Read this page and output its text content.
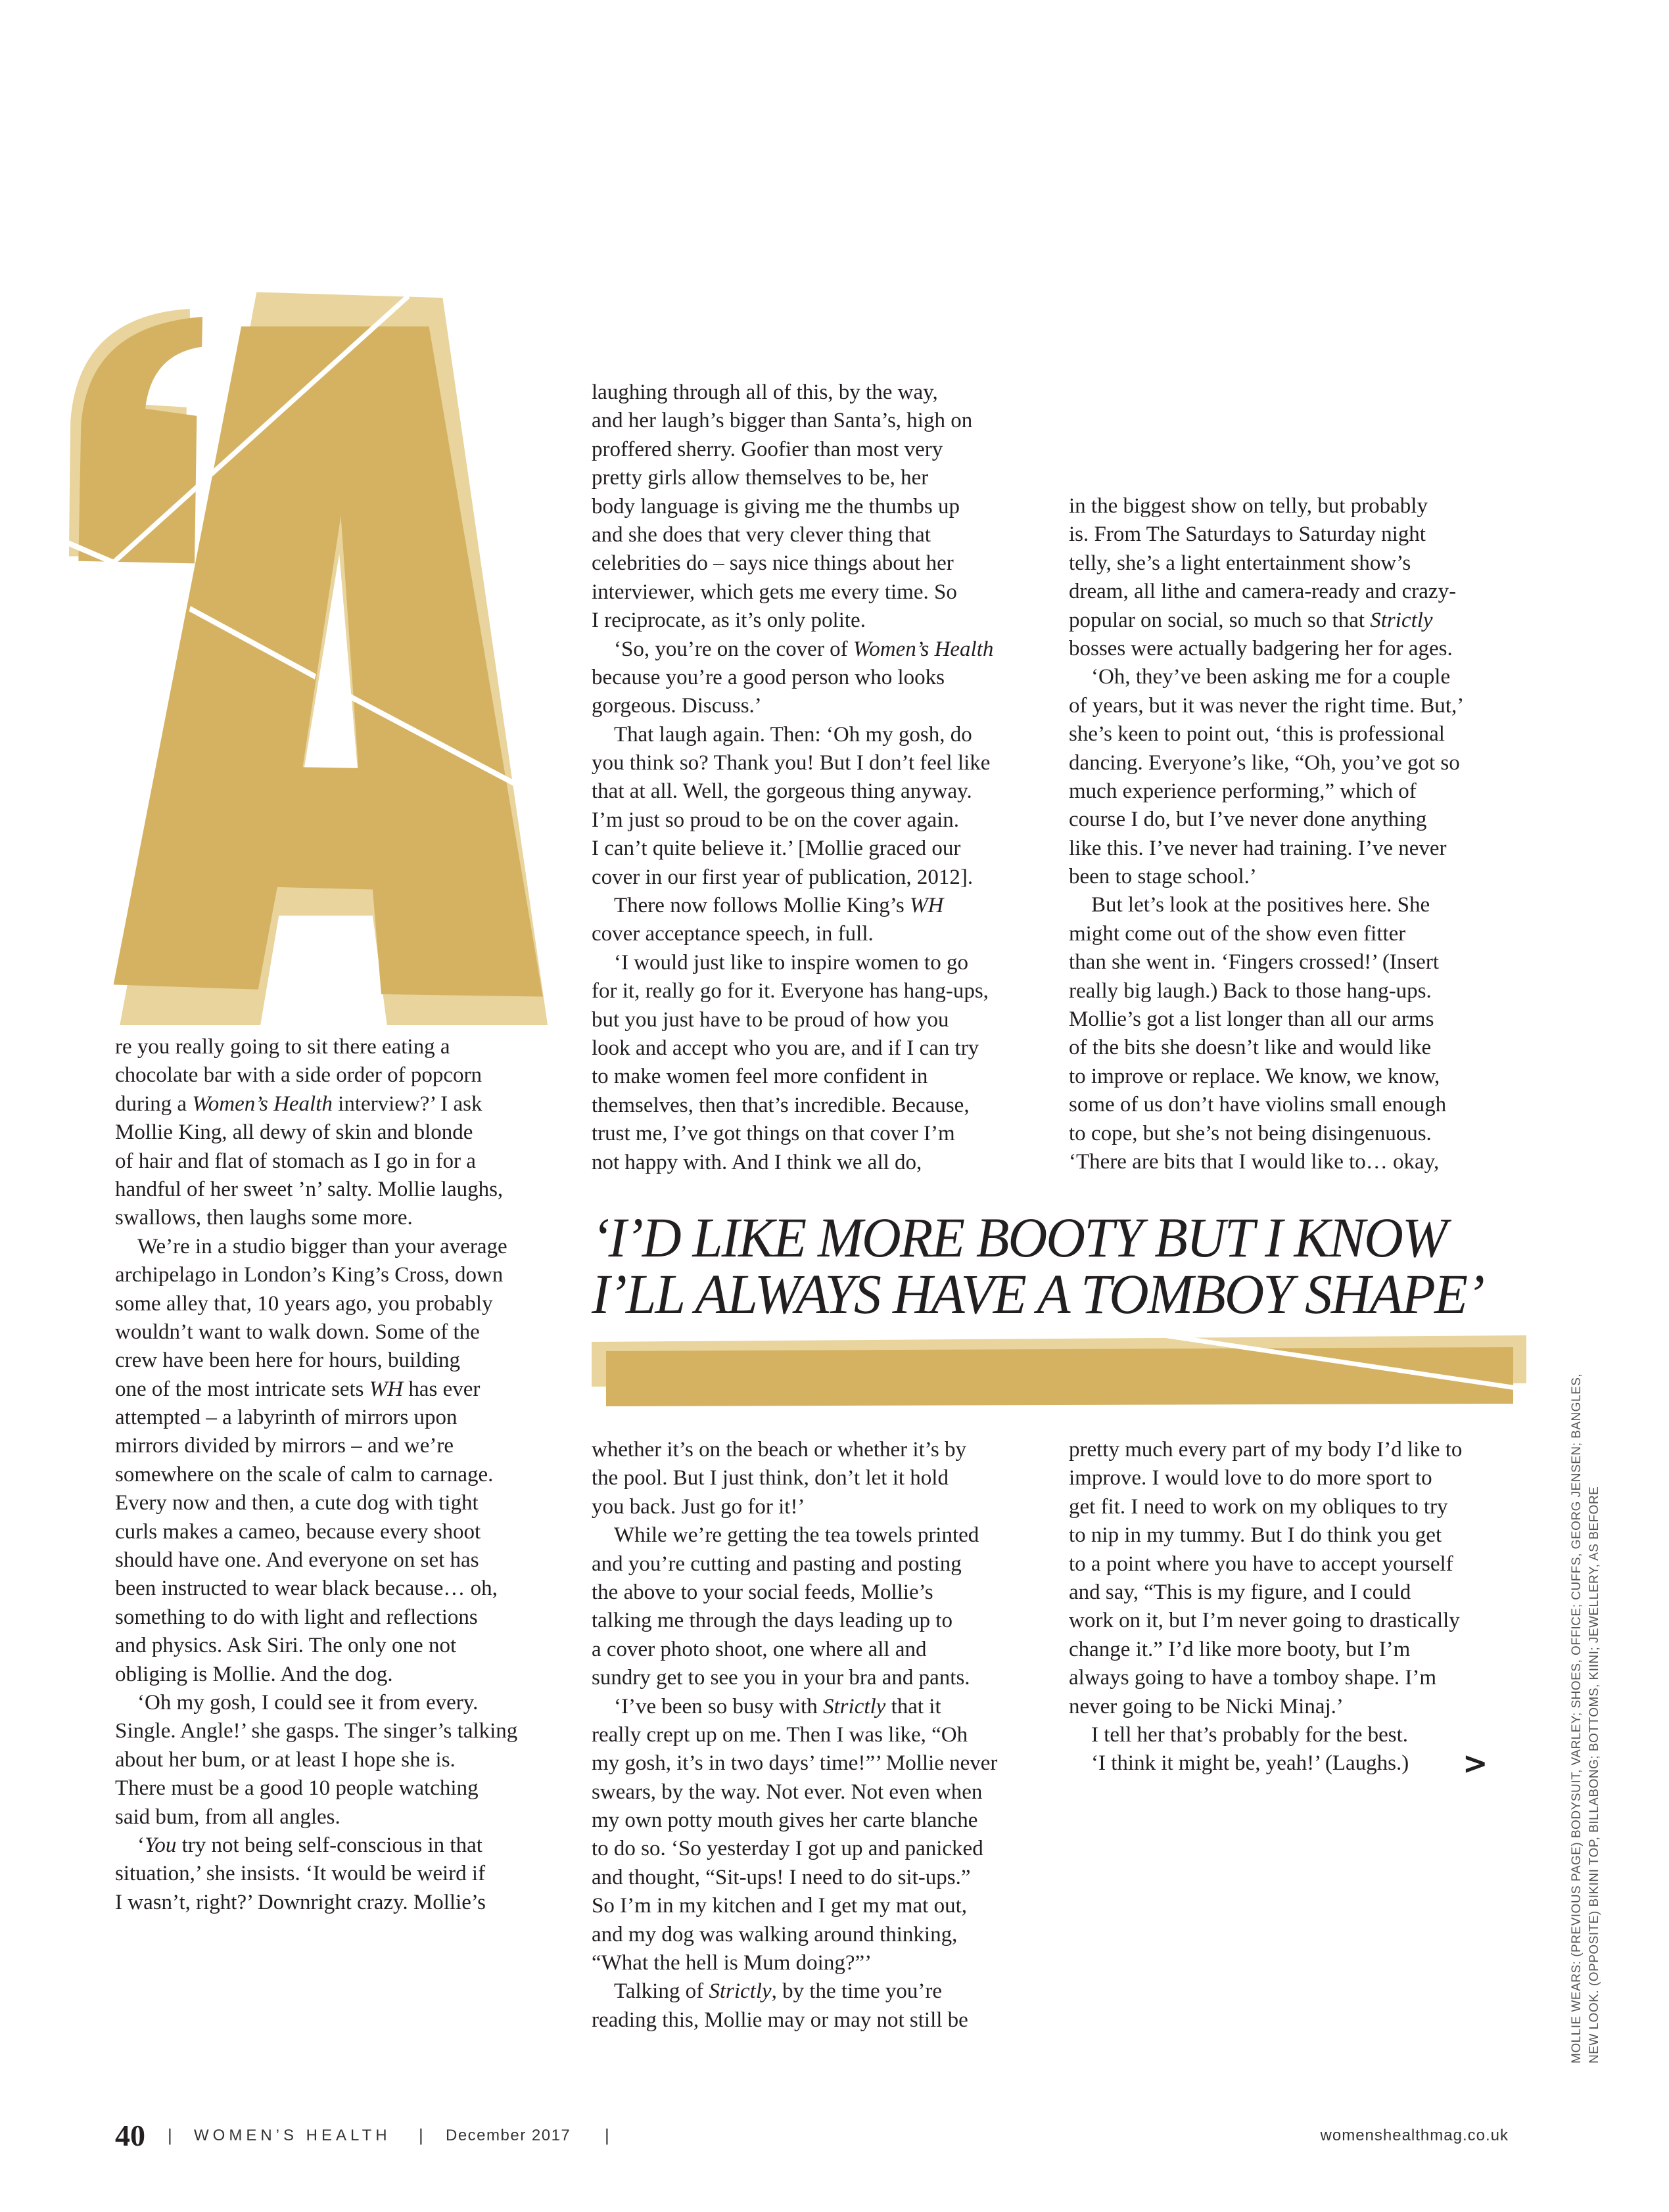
re you really going to sit there eating a
chocolate bar with a side order of popcorn
during a Women’s Health interview?’ I ask
Mollie King, all dewy of skin and blonde
of hair and flat of stomach as I go in for a
handful of her sweet ’n’ salty. Mollie laughs,
swallows, then laughs some more.
We’re in a studio bigger than your average
archipelago in London’s King’s Cross, down
some alley that, 10 years ago, you probably
wouldn’t want to walk down. Some of the
crew have been here for hours, building
one of the most intricate sets WH has ever
attempted – a labyrinth of mirrors upon
mirrors divided by mirrors – and we’re
somewhere on the scale of calm to carnage.
Every now and then, a cute dog with tight
curls makes a cameo, because every shoot
should have one. And everyone on set has
been instructed to wear black because… oh,
something to do with light and reflections
and physics. Ask Siri. The only one not
obliging is Mollie. And the dog.
‘Oh my gosh, I could see it from every.
Single. Angle!’ she gasps. The singer’s talking
about her bum, or at least I hope she is.
There must be a good 10 people watching
said bum, from all angles.
‘You try not being self-conscious in that
situation,’ she insists. ‘It would be weird if
I wasn’t, right?’ Downright crazy. Mollie’s
laughing through all of this, by the way,
and her laugh’s bigger than Santa’s, high on
proffered sherry. Goofier than most very
pretty girls allow themselves to be, her
body language is giving me the thumbs up
and she does that very clever thing that
celebrities do – says nice things about her
interviewer, which gets me every time. So
I reciprocate, as it’s only polite.
‘So, you’re on the cover of Women’s Health
because you’re a good person who looks
gorgeous. Discuss.’
That laugh again. Then: ‘Oh my gosh, do
you think so? Thank you! But I don’t feel like
that at all. Well, the gorgeous thing anyway.
I’m just so proud to be on the cover again.
I can’t quite believe it.’ [Mollie graced our
cover in our first year of publication, 2012].
There now follows Mollie King’s WH
cover acceptance speech, in full.
‘I would just like to inspire women to go
for it, really go for it. Everyone has hang-ups,
but you just have to be proud of how you
look and accept who you are, and if I can try
to make women feel more confident in
themselves, then that’s incredible. Because,
trust me, I’ve got things on that cover I’m
not happy with. And I think we all do,
in the biggest show on telly, but probably
is. From The Saturdays to Saturday night
telly, she’s a light entertainment show’s
dream, all lithe and camera-ready and crazy-
popular on social, so much so that Strictly
bosses were actually badgering her for ages.
‘Oh, they’ve been asking me for a couple
of years, but it was never the right time. But,’
she’s keen to point out, ‘this is professional
dancing. Everyone’s like, “Oh, you’ve got so
much experience performing,” which of
course I do, but I’ve never done anything
like this. I’ve never had training. I’ve never
been to stage school.’
But let’s look at the positives here. She
might come out of the show even fitter
than she went in. ‘Fingers crossed!’ (Insert
really big laugh.) Back to those hang-ups.
Mollie’s got a list longer than all our arms
of the bits she doesn’t like and would like
to improve or replace. We know, we know,
some of us don’t have violins small enough
to cope, but she’s not being disingenuous.
‘There are bits that I would like to… okay,
‘I’D LIKE MORE BOOTY BUT I KNOW
I’LL ALWAYS HAVE A TOMBOY SHAPE’
whether it’s on the beach or whether it’s by
the pool. But I just think, don’t let it hold
you back. Just go for it!’
While we’re getting the tea towels printed
and you’re cutting and pasting and posting
the above to your social feeds, Mollie’s
talking me through the days leading up to
a cover photo shoot, one where all and
sundry get to see you in your bra and pants.
‘I’ve been so busy with Strictly that it
really crept up on me. Then I was like, “Oh
my gosh, it’s in two days’ time!”’ Mollie never
swears, by the way. Not ever. Not even when
my own potty mouth gives her carte blanche
to do so. ‘So yesterday I got up and panicked
and thought, “Sit-ups! I need to do sit-ups.”
So I’m in my kitchen and I get my mat out,
and my dog was walking around thinking,
“What the hell is Mum doing?”’
Talking of Strictly, by the time you’re
reading this, Mollie may or may not still be
pretty much every part of my body I’d like to
improve. I would love to do more sport to
get fit. I need to work on my obliques to try
to nip in my tummy. But I do think you get
to a point where you have to accept yourself
and say, “This is my figure, and I could
work on it, but I’m never going to drastically
change it.” I’d like more booty, but I’m
always going to have a tomboy shape. I’m
never going to be Nicki Minaj.’
I tell her that’s probably for the best.
‘I think it might be, yeah!’ (Laughs.)	>	MOLLIE WEARS: (PREVIOUS PAGE) BODYSUIT, VARLEY; SHOES, OFFICE; CUFFS, GEORG JENSEN; BANGLES, NEW LOOK. (OPPOSITE) BIKINI TOP, BILLABONG; BOTTOMS, KIINI; JEWELLERY, AS BEFORE
40 | WOMEN’S HEALTH | December 2017 |	womenshealthmag.co.uk
